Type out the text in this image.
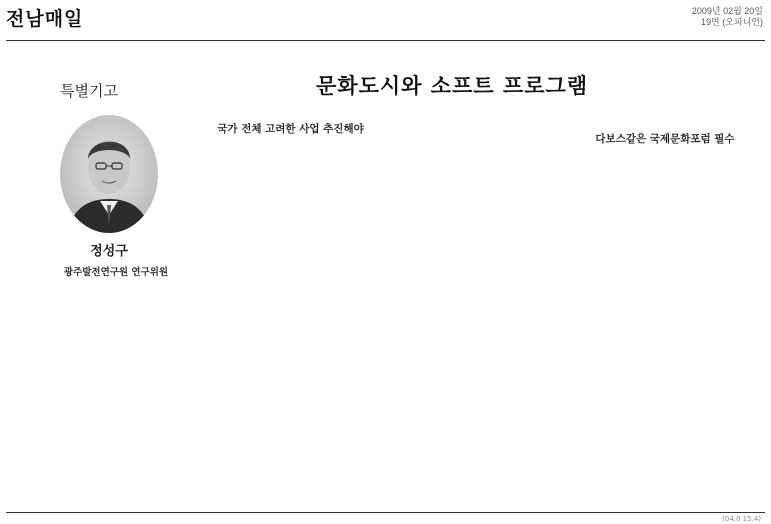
전남매일	2009년 02월 20일
19면 (오피니언)
특별기고
정성구
광주발전연구원 연구위원
문화도시와 소프트 프로그램

국가 전체 고려한 사업 추진해야

다보스같은 국제문화포럼 필수

(04.0 15.4)
